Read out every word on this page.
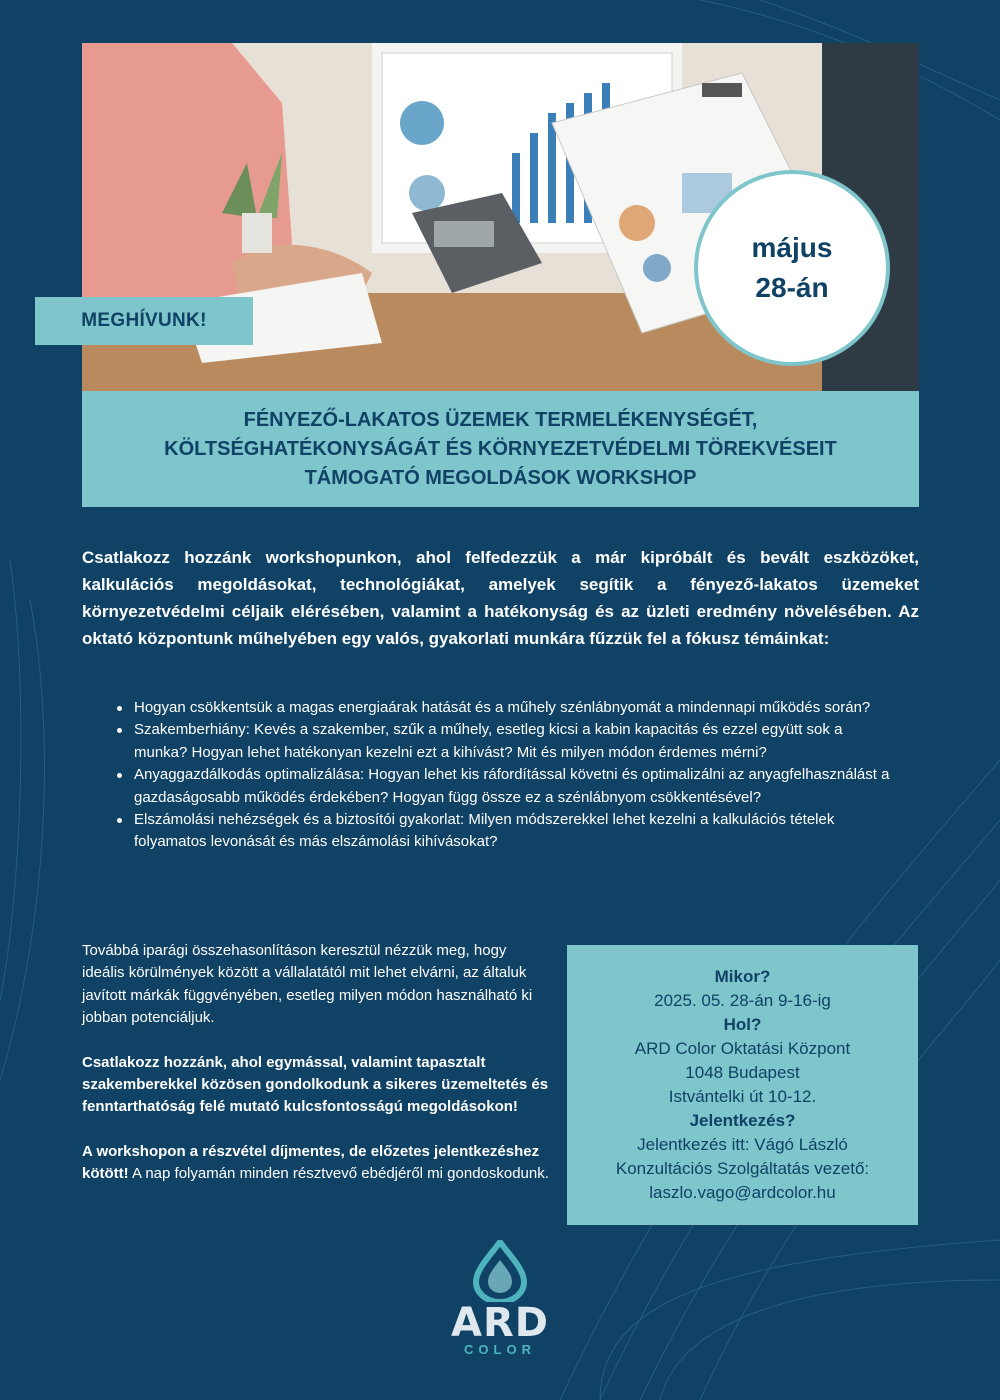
MEGHÍVUNK!
május
28-án
FÉNYEZŐ-LAKATOS ÜZEMEK TERMELÉKENYSÉGÉT,
KÖLTSÉGHATÉKONYSÁGÁT ÉS KÖRNYEZETVÉDELMI TÖREKVÉSEIT
TÁMOGATÓ MEGOLDÁSOK WORKSHOP
Csatlakozz hozzánk workshopunkon, ahol felfedezzük a már kipróbált és bevált eszközöket, kalkulációs megoldásokat, technológiákat, amelyek segítik a fényező-lakatos üzemeket környezetvédelmi céljaik elérésében, valamint a hatékonyság és az üzleti eredmény növelésében. Az oktató központunk műhelyében egy valós, gyakorlati munkára fűzzük fel a fókusz témáinkat:
Hogyan csökkentsük a magas energiaárak hatását és a műhely szénlábnyomát a mindennapi működés során?
Szakemberhiány: Kevés a szakember, szűk a műhely, esetleg kicsi a kabin kapacitás és ezzel együtt sok a munka? Hogyan lehet hatékonyan kezelni ezt a kihívást? Mit és milyen módon érdemes mérni?
Anyaggazdálkodás optimalizálása: Hogyan lehet kis ráfordítással követni és optimalizálni az anyagfelhasználást a gazdaságosabb működés érdekében? Hogyan függ össze ez a szénlábnyom csökkentésével?
Elszámolási nehézségek és a biztosítói gyakorlat: Milyen módszerekkel lehet kezelni a kalkulációs tételek folyamatos levonását és más elszámolási kihívásokat?

Továbbá iparági összehasonlításon keresztül nézzük meg, hogy ideális körülmények között a vállalatától mit lehet elvárni, az általuk javított márkák függvényében, esetleg milyen módon használható ki jobban potenciáljuk.

Csatlakozz hozzánk, ahol egymással, valamint tapasztalt szakemberekkel közösen gondolkodunk a sikeres üzemeltetés és fenntarthatóság felé mutató kulcsfontosságú megoldásokon!

A workshopon a részvétel díjmentes, de előzetes jelentkezéshez kötött! A nap folyamán minden résztvevő ebédjéről mi gondoskodunk.

Mikor?
2025. 05. 28-án 9-16-ig
Hol?
ARD Color Oktatási Központ
1048 Budapest
Istvántelki út 10-12.
Jelentkezés?
Jelentkezés itt: Vágó László
Konzultációs Szolgáltatás vezető:
laszlo.vago@ardcolor.hu
ARD
COLOR
